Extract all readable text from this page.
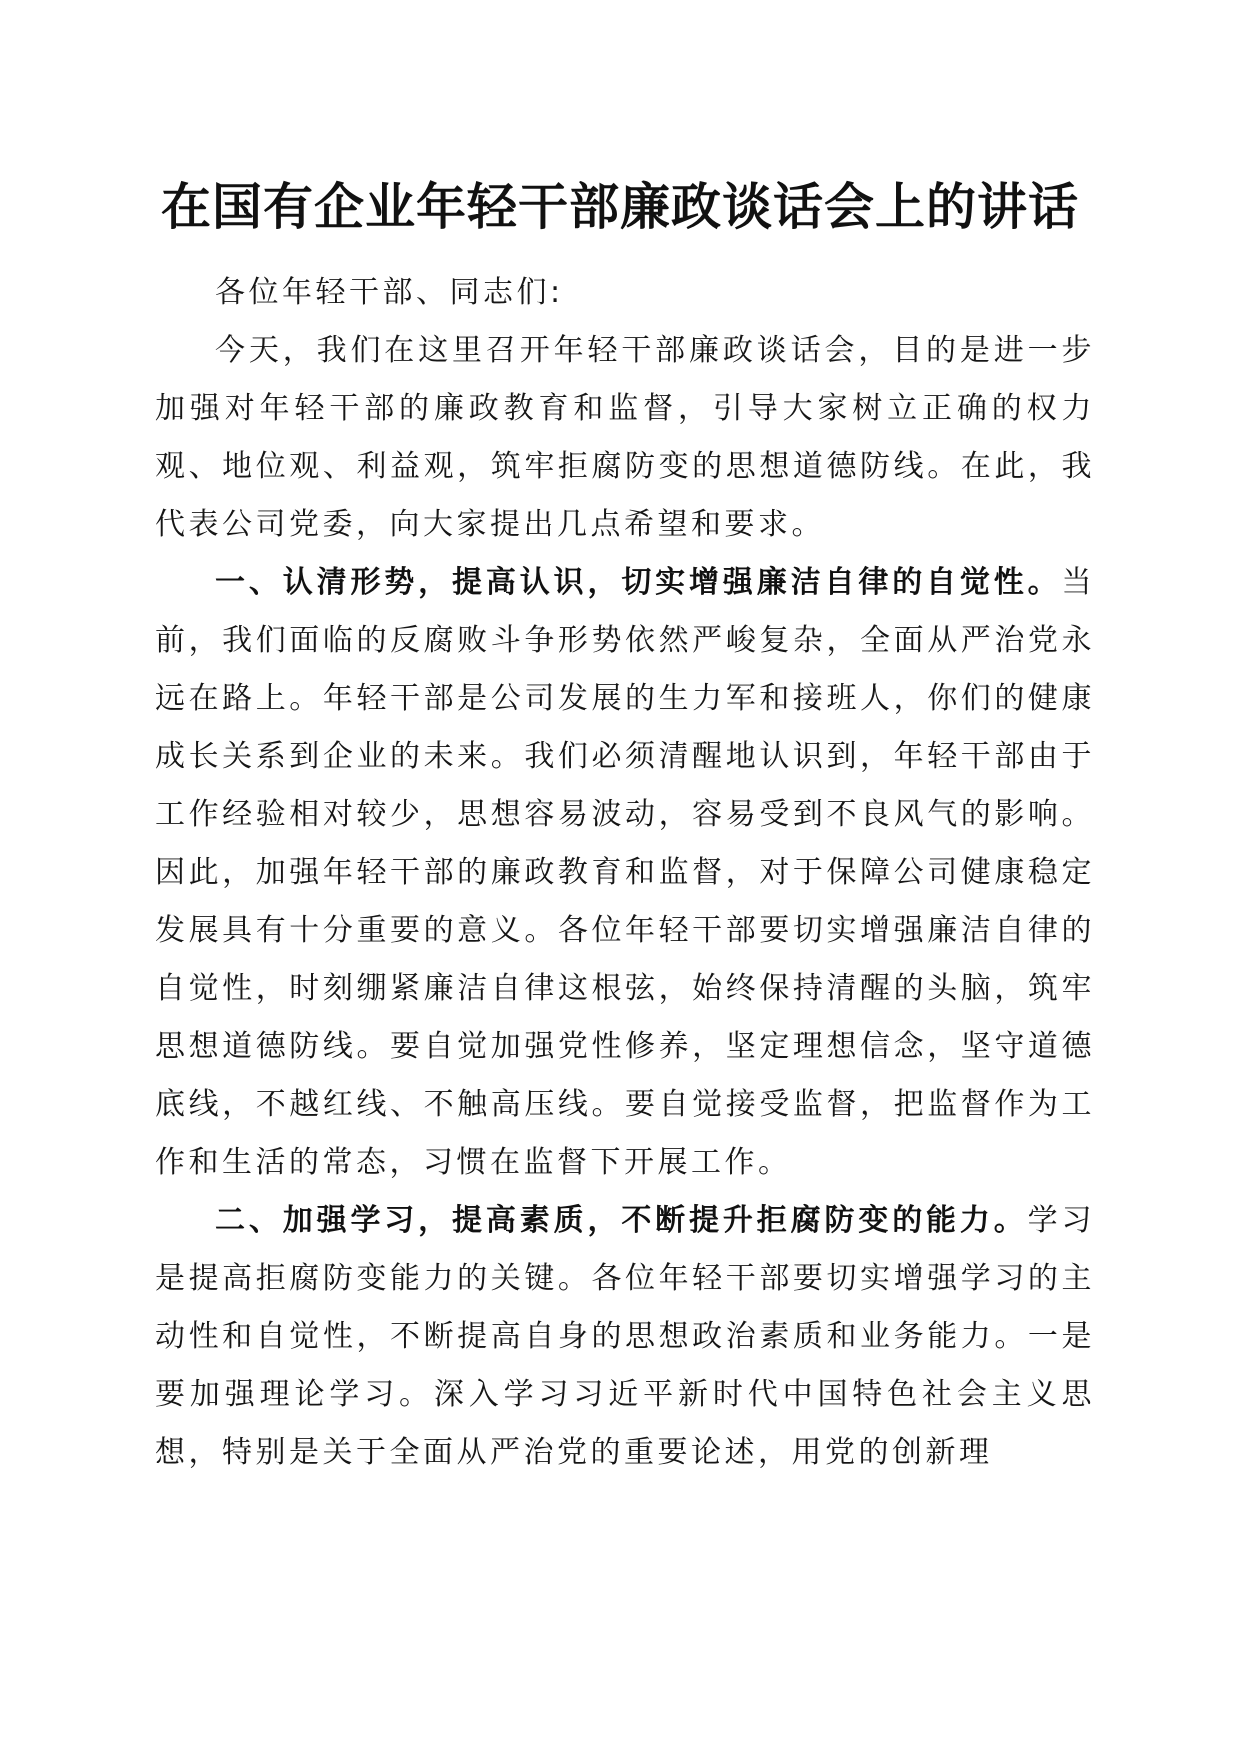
在国有企业年轻干部廉政谈话会上的讲话

各位年轻干部、同志们:

今天，我们在这里召开年轻干部廉政谈话会，目的是进一步加强对年轻干部的廉政教育和监督，引导大家树立正确的权力观、地位观、利益观，筑牢拒腐防变的思想道德防线。在此，我代表公司党委，向大家提出几点希望和要求。

一、认清形势，提高认识，切实增强廉洁自律的自觉性。当前，我们面临的反腐败斗争形势依然严峻复杂，全面从严治党永远在路上。年轻干部是公司发展的生力军和接班人，你们的健康成长关系到企业的未来。我们必须清醒地认识到，年轻干部由于工作经验相对较少，思想容易波动，容易受到不良风气的影响。因此，加强年轻干部的廉政教育和监督，对于保障公司健康稳定发展具有十分重要的意义。各位年轻干部要切实增强廉洁自律的自觉性，时刻绷紧廉洁自律这根弦，始终保持清醒的头脑，筑牢思想道德防线。要自觉加强党性修养，坚定理想信念，坚守道德底线，不越红线、不触高压线。要自觉接受监督，把监督作为工作和生活的常态，习惯在监督下开展工作。

二、加强学习，提高素质，不断提升拒腐防变的能力。学习是提高拒腐防变能力的关键。各位年轻干部要切实增强学习的主动性和自觉性，不断提高自身的思想政治素质和业务能力。一是要加强理论学习。深入学习习近平新时代中国特色社会主义思想，特别是关于全面从严治党的重要论述，用党的创新理
